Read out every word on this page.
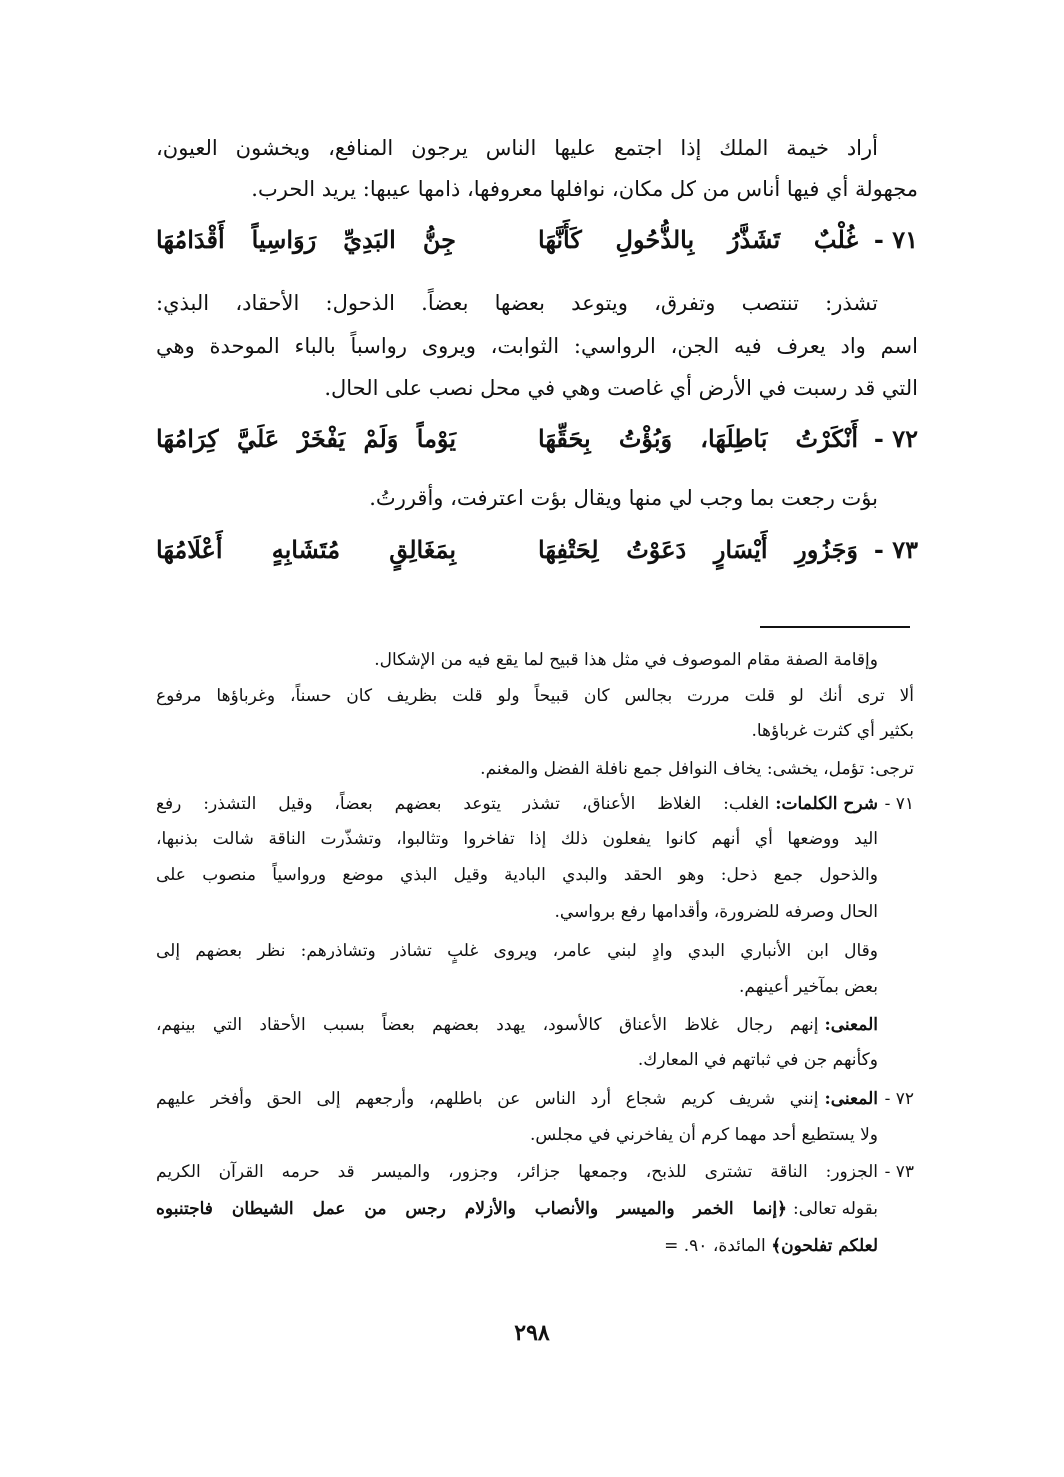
أراد خيمة الملك إذا اجتمع عليها الناس يرجون المنافع، ويخشون العيون،
مجهولة أي فيها أناس من كل مكان، نوافلها معروفها، ذامها عيبها: يريد الحرب.
٧١ -
غُلْبٌ تَشَذَّرُ بِالذُّحُولِ كَأَنَّهَا
جِنُّ البَدِيِّ رَوَاسِياً أَقْدَامُهَا
تشذر: تنتصب وتفرق، ويتوعد بعضها بعضاً. الذحول: الأحقاد، البذي:
اسم واد يعرف فيه الجن، الرواسي: الثوابت، ويروى رواسباً بالباء الموحدة وهي
التي قد رسبت في الأرض أي غاصت وهي في محل نصب على الحال.
٧٢ -
أَنْكَرْتُ بَاطِلَهَا، وَبُؤْتُ بِحَقِّهَا
يَوْماً وَلَمْ يَفْخَرْ عَلَيَّ كِرَامُهَا
بؤت رجعت بما وجب لي منها ويقال بؤت اعترفت، وأقررتُ.
٧٣ -
وَجَزُورِ أَيْسَارٍ دَعَوْتُ لِحَتْفِهَا
بِمَغَالِقٍ مُتَشَابِهٍ أَعْلَامُهَا
وإقامة الصفة مقام الموصوف في مثل هذا قبيح لما يقع فيه من الإشكال.
ألا ترى أنك لو قلت مررت بجالس كان قبيحاً ولو قلت بظريف كان حسناً، وغرباؤها مرفوع
بكثير أي كثرت غرباؤها.
ترجى: تؤمل، يخشى: يخاف النوافل جمع نافلة الفضل والمغنم.
٧١ -
شرح الكلمات:
الغلب: الغلاظ الأعناق، تشذر يتوعد بعضهم بعضاً، وقيل التشذر: رفع
اليد ووضعها أي أنهم كانوا يفعلون ذلك إذا تفاخروا وتثالبوا، وتشذّرت الناقة شالت بذنبها،
والذحول جمع ذحل: وهو الحقد والبدي البادية وقيل البذي موضع ورواسياً منصوب على
الحال وصرفه للضرورة، وأقدامها رفع برواسي.
وقال ابن الأنباري البدي وادٍ لبني عامر، ويروى غلبٍ تشاذر وتشاذرهم: نظر بعضهم إلى
بعض بمآخير أعينهم.
المعنى:
إنهم رجال غلاظ الأعناق كالأسود، يهدد بعضهم بعضاً بسبب الأحقاد التي بينهم،
وكأنهم جن في ثباتهم في المعارك.
٧٢ -
المعنى:
إنني شريف كريم شجاع أرد الناس عن باطلهم، وأرجعهم إلى الحق وأفخر عليهم
ولا يستطيع أحد مهما كرم أن يفاخرني في مجلس.
٧٣ -
الجزور: الناقة تشترى للذبح، وجمعها جزائر، وجزور، والميسر قد حرمه القرآن الكريم
بقوله تعالى:
﴿إنما الخمر والميسر والأنصاب والأزلام رجس من عمل الشيطان فاجتنبوه
لعلكم تفلحون﴾ المائدة، ٩٠. =
٢٩٨
